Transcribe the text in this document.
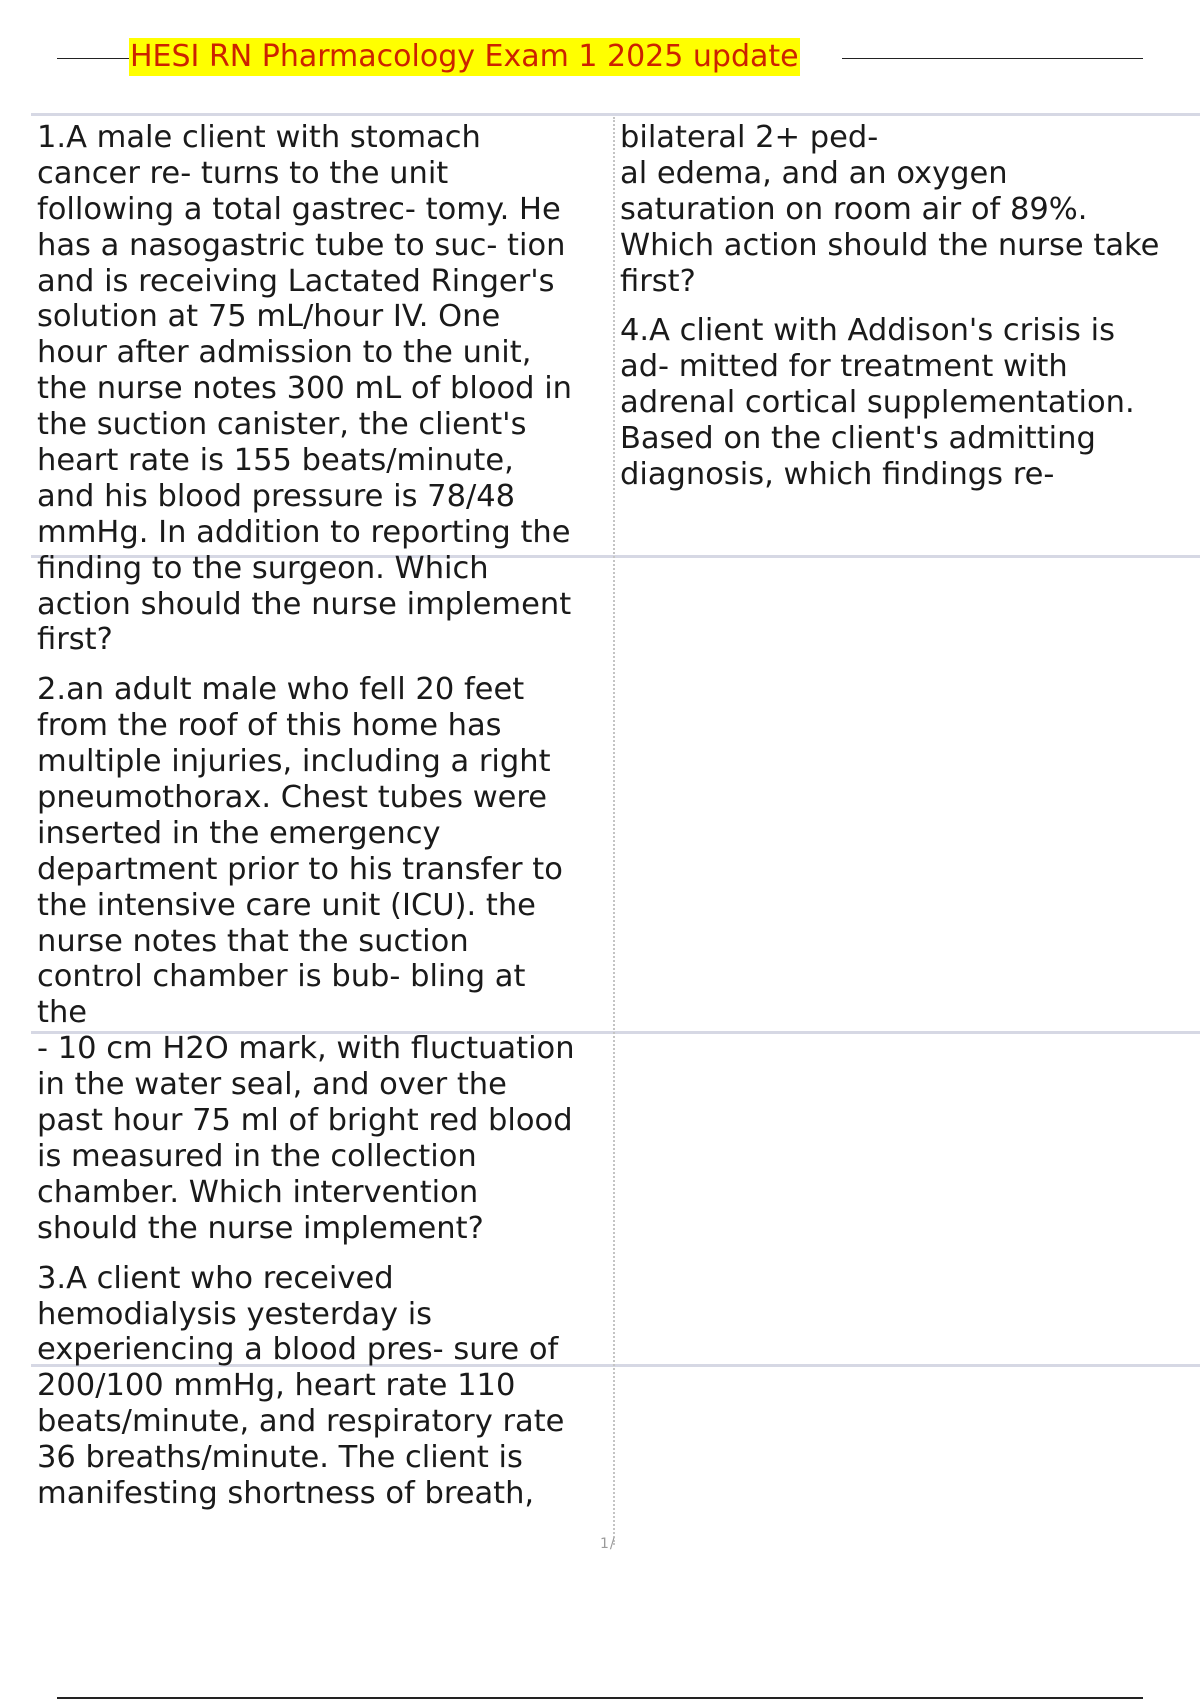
HESI RN Pharmacology Exam 1 2025 update
1.A male client with stomach
cancer re- turns to the unit
following a total gastrec- tomy. He
has a nasogastric tube to suc- tion
and is receiving Lactated Ringer's
solution at 75 mL/hour IV. One
hour after admission to the unit,
the nurse notes 300 mL of blood in
the suction canister, the client's
heart rate is 155 beats/minute,
and his blood pressure is 78/48
mmHg. In addition to reporting the
finding to the surgeon. Which
action should the nurse implement
first?
2.an adult male who fell 20 feet
from the roof of this home has
multiple injuries, including a right
pneumothorax. Chest tubes were
inserted in the emergency
department prior to his transfer to
the intensive care unit (ICU). the
nurse notes that the suction
control chamber is bub- bling at
the
- 10 cm H2O mark, with fluctuation
in the water seal, and over the
past hour 75 ml of bright red blood
is measured in the collection
chamber. Which intervention
should the nurse implement?
3.A client who received
hemodialysis yesterday is
experiencing a blood pres- sure of
200/100 mmHg, heart rate 110
beats/minute, and respiratory rate
36 breaths/minute. The client is
manifesting shortness of breath,
bilateral 2+ ped-
al edema, and an oxygen
saturation on room air of 89%.
Which action should the nurse take
first?
4.A client with Addison's crisis is
ad- mitted for treatment with
adrenal cortical supplementation.
Based on the client's admitting
diagnosis, which findings re-
1/
